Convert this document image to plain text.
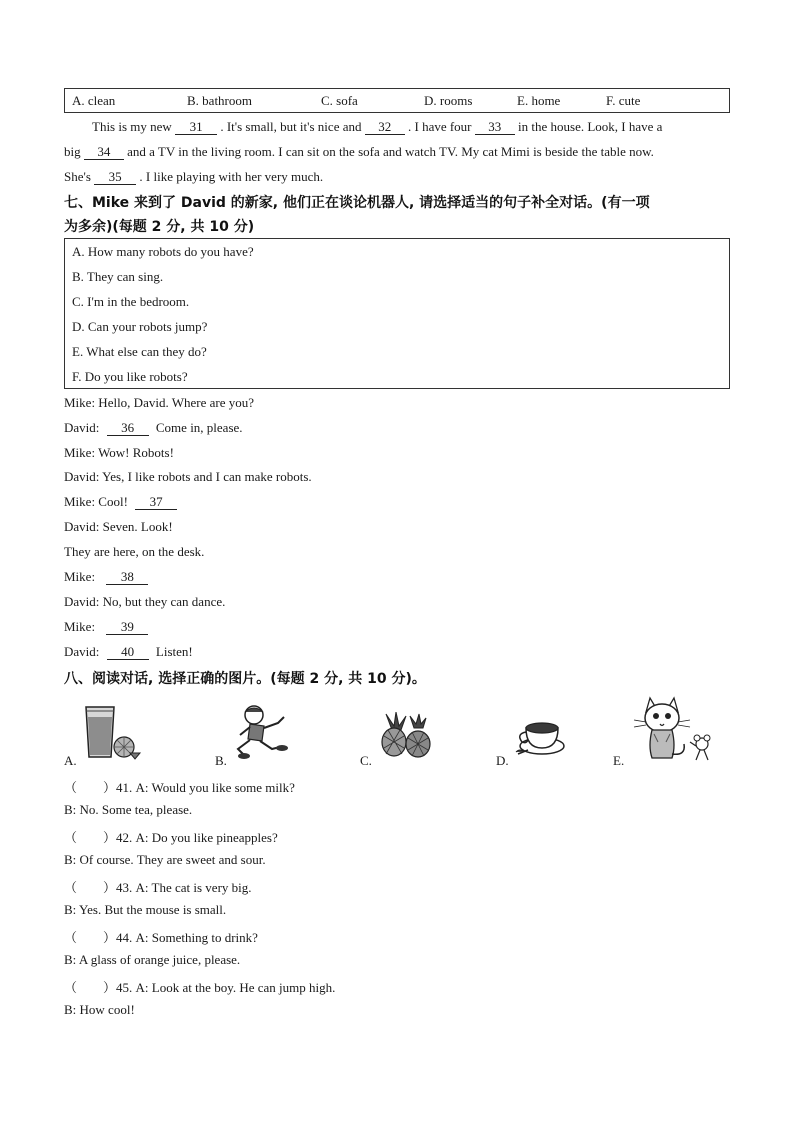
A. clean	B. bathroom	C. sofa	D. rooms	E. home	F. cute
This is my new 31 . It's small, but it's nice and 32 . I have four 33 in the house. Look, I have a
big 34 and a TV in the living room. I can sit on the sofa and watch TV. My cat Mimi is beside the table now.
She's 35 . I like playing with her very much.
七、Mike 来到了 David 的新家, 他们正在谈论机器人, 请选择适当的句子补全对话。(有一项
为多余)(每题 2 分, 共 10 分)
A. How many robots do you have?
B. They can sing.
C. I'm in the bedroom.
D. Can your robots jump?
E. What else can they do?
F. Do you like robots?
Mike: Hello, David. Where are you?
David: 36 Come in, please.
Mike: Wow! Robots!
David: Yes, I like robots and I can make robots.
Mike: Cool! 37
David: Seven. Look!
They are here, on the desk.
Mike: 38
David: No, but they can dance.
Mike: 39
David: 40 Listen!
八、阅读对话, 选择正确的图片。(每题 2 分, 共 10 分)。
A.	B.	C.	D.	E.
（　　）41. A: Would you like some milk?
B: No. Some tea, please.
（　　）42. A: Do you like pineapples?
B: Of course. They are sweet and sour.
（　　）43. A: The cat is very big.
B: Yes. But the mouse is small.
（　　）44. A: Something to drink?
B: A glass of orange juice, please.
（　　）45. A: Look at the boy. He can jump high.
B: How cool!
